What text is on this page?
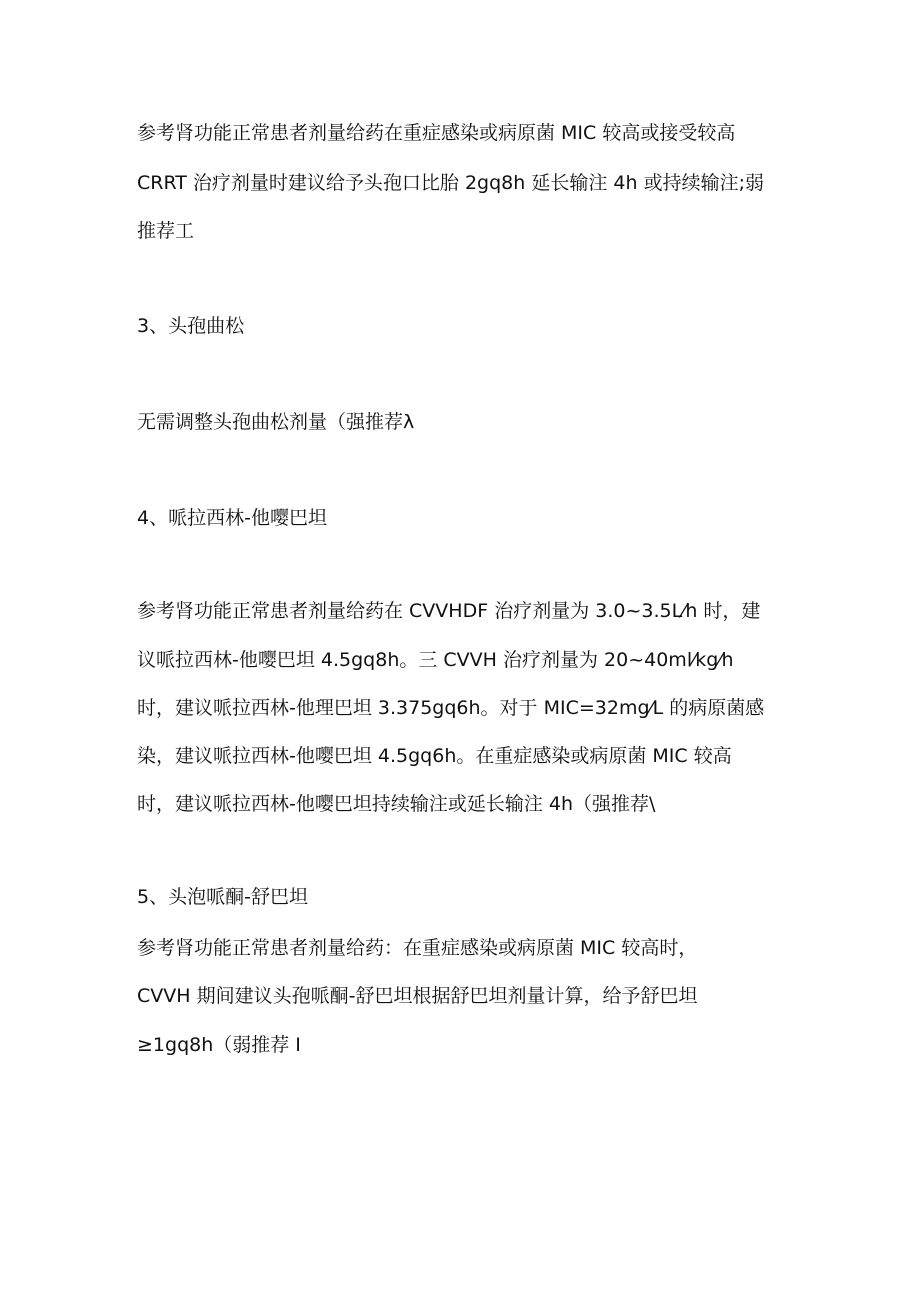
参考肾功能正常患者剂量给药在重症感染或病原菌 MIC 较高或接受较高
CRRT 治疗剂量时建议给予头孢口比胎 2gq8h 延长输注 4h 或持续输注;弱
推荐工
3、头孢曲松
无需调整头孢曲松剂量（强推荐λ
4、哌拉西林-他嘤巴坦
参考肾功能正常患者剂量给药在 CVVHDF 治疗剂量为 3.0~3.5L⁄h 时，建
议哌拉西林-他嘤巴坦 4.5gq8h。三 CVVH 治疗剂量为 20~40ml⁄kg⁄h
时，建议哌拉西林-他理巴坦 3.375gq6h。对于 MIC=32mg⁄L 的病原菌感
染，建议哌拉西林-他嘤巴坦 4.5gq6h。在重症感染或病原菌 MIC 较高
时，建议哌拉西林-他嘤巴坦持续输注或延长输注 4h（强推荐\
5、头泡哌酮-舒巴坦
参考肾功能正常患者剂量给药：在重症感染或病原菌 MIC 较高时，
CVVH 期间建议头孢哌酮-舒巴坦根据舒巴坦剂量计算，给予舒巴坦
≥1gq8h（弱推荐 I
